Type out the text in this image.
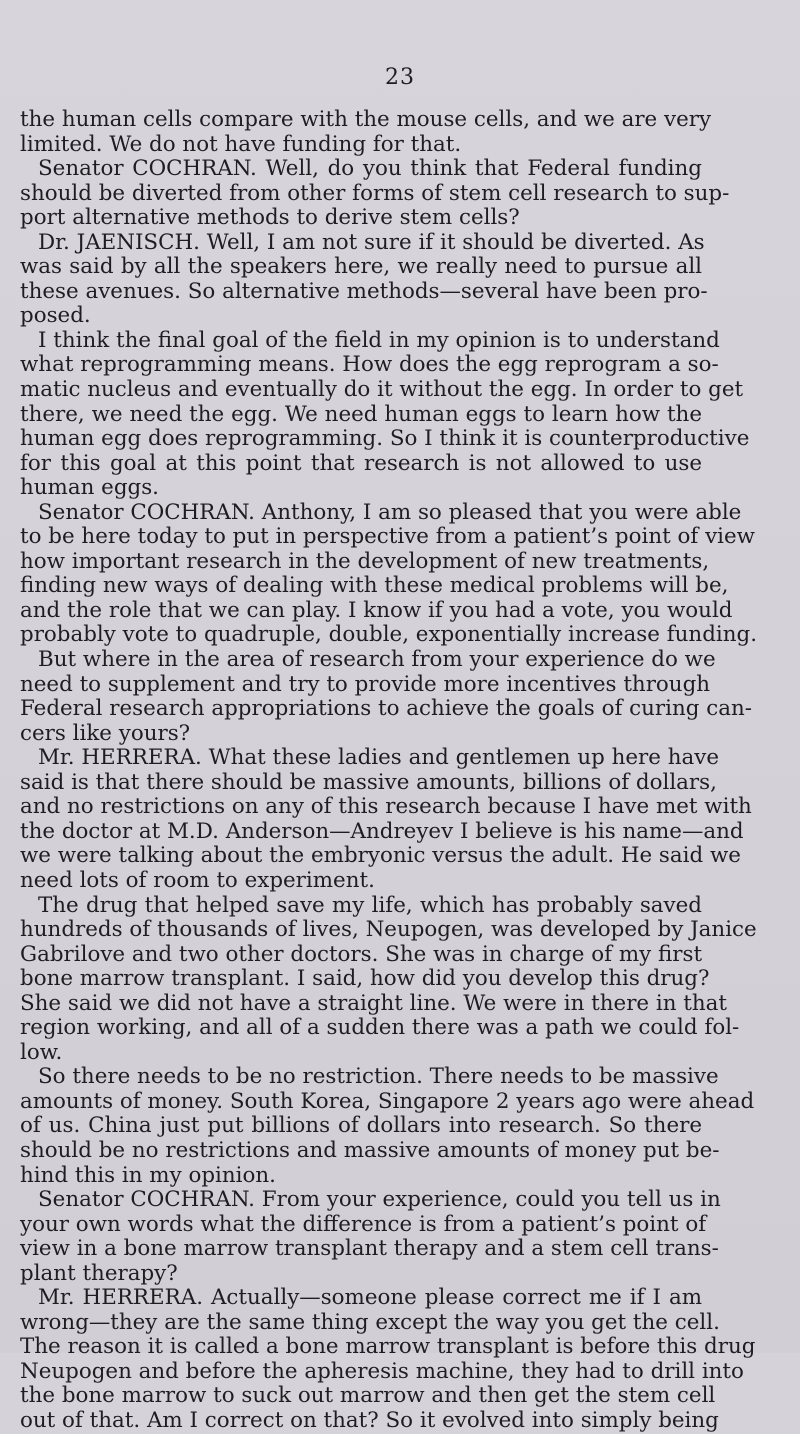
23
the human cells compare with the mouse cells, and we are very
limited. We do not have funding for that.
Senator COCHRAN. Well, do you think that Federal funding
should be diverted from other forms of stem cell research to sup-
port alternative methods to derive stem cells?
Dr. JAENISCH. Well, I am not sure if it should be diverted. As
was said by all the speakers here, we really need to pursue all
these avenues. So alternative methods—several have been pro-
posed.
I think the final goal of the field in my opinion is to understand
what reprogramming means. How does the egg reprogram a so-
matic nucleus and eventually do it without the egg. In order to get
there, we need the egg. We need human eggs to learn how the
human egg does reprogramming. So I think it is counterproductive
for this goal at this point that research is not allowed to use
human eggs.
Senator COCHRAN. Anthony, I am so pleased that you were able
to be here today to put in perspective from a patient’s point of view
how important research in the development of new treatments,
finding new ways of dealing with these medical problems will be,
and the role that we can play. I know if you had a vote, you would
probably vote to quadruple, double, exponentially increase funding.
But where in the area of research from your experience do we
need to supplement and try to provide more incentives through
Federal research appropriations to achieve the goals of curing can-
cers like yours?
Mr. HERRERA. What these ladies and gentlemen up here have
said is that there should be massive amounts, billions of dollars,
and no restrictions on any of this research because I have met with
the doctor at M.D. Anderson—Andreyev I believe is his name—and
we were talking about the embryonic versus the adult. He said we
need lots of room to experiment.
The drug that helped save my life, which has probably saved
hundreds of thousands of lives, Neupogen, was developed by Janice
Gabrilove and two other doctors. She was in charge of my first
bone marrow transplant. I said, how did you develop this drug?
She said we did not have a straight line. We were in there in that
region working, and all of a sudden there was a path we could fol-
low.
So there needs to be no restriction. There needs to be massive
amounts of money. South Korea, Singapore 2 years ago were ahead
of us. China just put billions of dollars into research. So there
should be no restrictions and massive amounts of money put be-
hind this in my opinion.
Senator COCHRAN. From your experience, could you tell us in
your own words what the difference is from a patient’s point of
view in a bone marrow transplant therapy and a stem cell trans-
plant therapy?
Mr. HERRERA. Actually—someone please correct me if I am
wrong—they are the same thing except the way you get the cell.
The reason it is called a bone marrow transplant is before this drug
Neupogen and before the apheresis machine, they had to drill into
the bone marrow to suck out marrow and then get the stem cell
out of that. Am I correct on that? So it evolved into simply being
